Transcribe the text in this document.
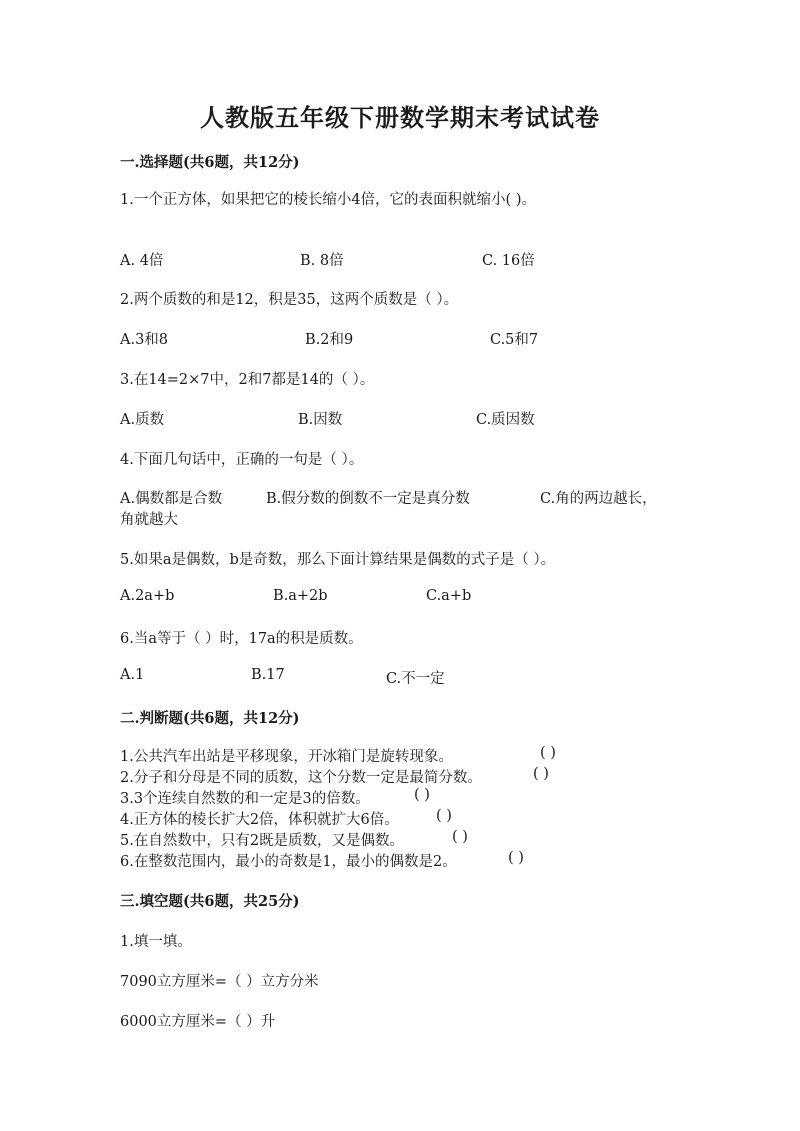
人教版五年级下册数学期末考试试卷
一.选择题(共6题，共12分)
1.一个正方体，如果把它的棱长缩小4倍，它的表面积就缩小( )。
A. 4倍	B. 8倍	C. 16倍
2.两个质数的和是12，积是35，这两个质数是（ ）。
A.3和8	B.2和9	C.5和7
3.在14=2×7中，2和7都是14的（ ）。
A.质数	B.因数	C.质因数
4.下面几句话中，正确的一句是（ ）。
A.偶数都是合数	B.假分数的倒数不一定是真分数	C.角的两边越长，
角就越大
5.如果a是偶数，b是奇数，那么下面计算结果是偶数的式子是（ ）。
A.2a+b	B.a+2b	C.a+b
6.当a等于（ ）时，17a的积是质数。
A.1	B.17	C.不一定
二.判断题(共6题，共12分)
1.公共汽车出站是平移现象，开冰箱门是旋转现象。	( )
2.分子和分母是不同的质数，这个分数一定是最简分数。	( )
3.3个连续自然数的和一定是3的倍数。	( )
4.正方体的棱长扩大2倍，体积就扩大6倍。	( )
5.在自然数中，只有2既是质数，又是偶数。	( )
6.在整数范围内，最小的奇数是1，最小的偶数是2。	( )
三.填空题(共6题，共25分)
1.填一填。
7090立方厘米=（ ）立方分米
6000立方厘米=（ ）升
